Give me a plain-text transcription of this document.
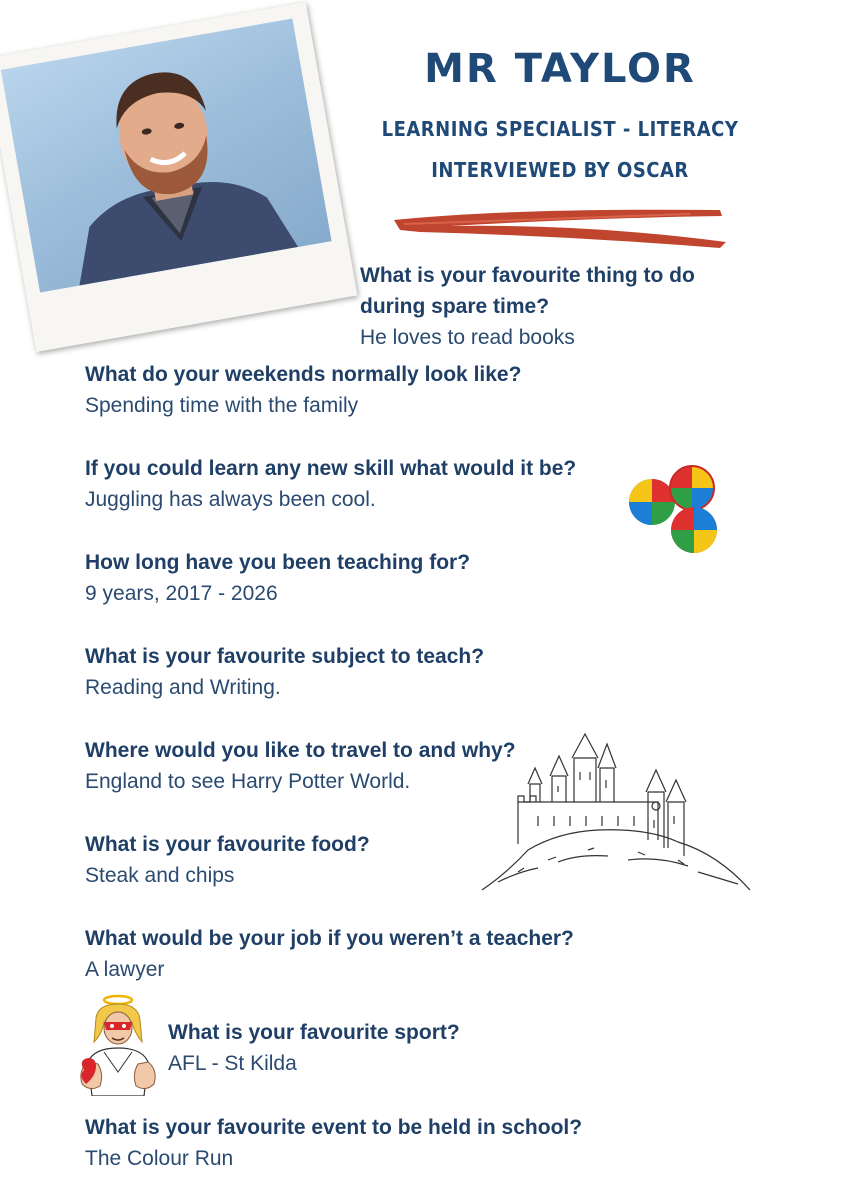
MR TAYLOR
LEARNING SPECIALIST - LITERACY
INTERVIEWED BY OSCAR
What is your favourite thing to do
during spare time?
He loves to read books
What do your weekends normally look like?
Spending time with the family
If you could learn any new skill what would it be?
Juggling has always been cool.
How long have you been teaching for?
9 years, 2017 - 2026
What is your favourite subject to teach?
Reading and Writing.
Where would you like to travel to and why?
England to see Harry Potter World.
What is your favourite food?
Steak and chips
What would be your job if you weren’t a teacher?
A lawyer
What is your favourite sport?
AFL - St Kilda
What is your favourite event to be held in school?
The Colour Run
